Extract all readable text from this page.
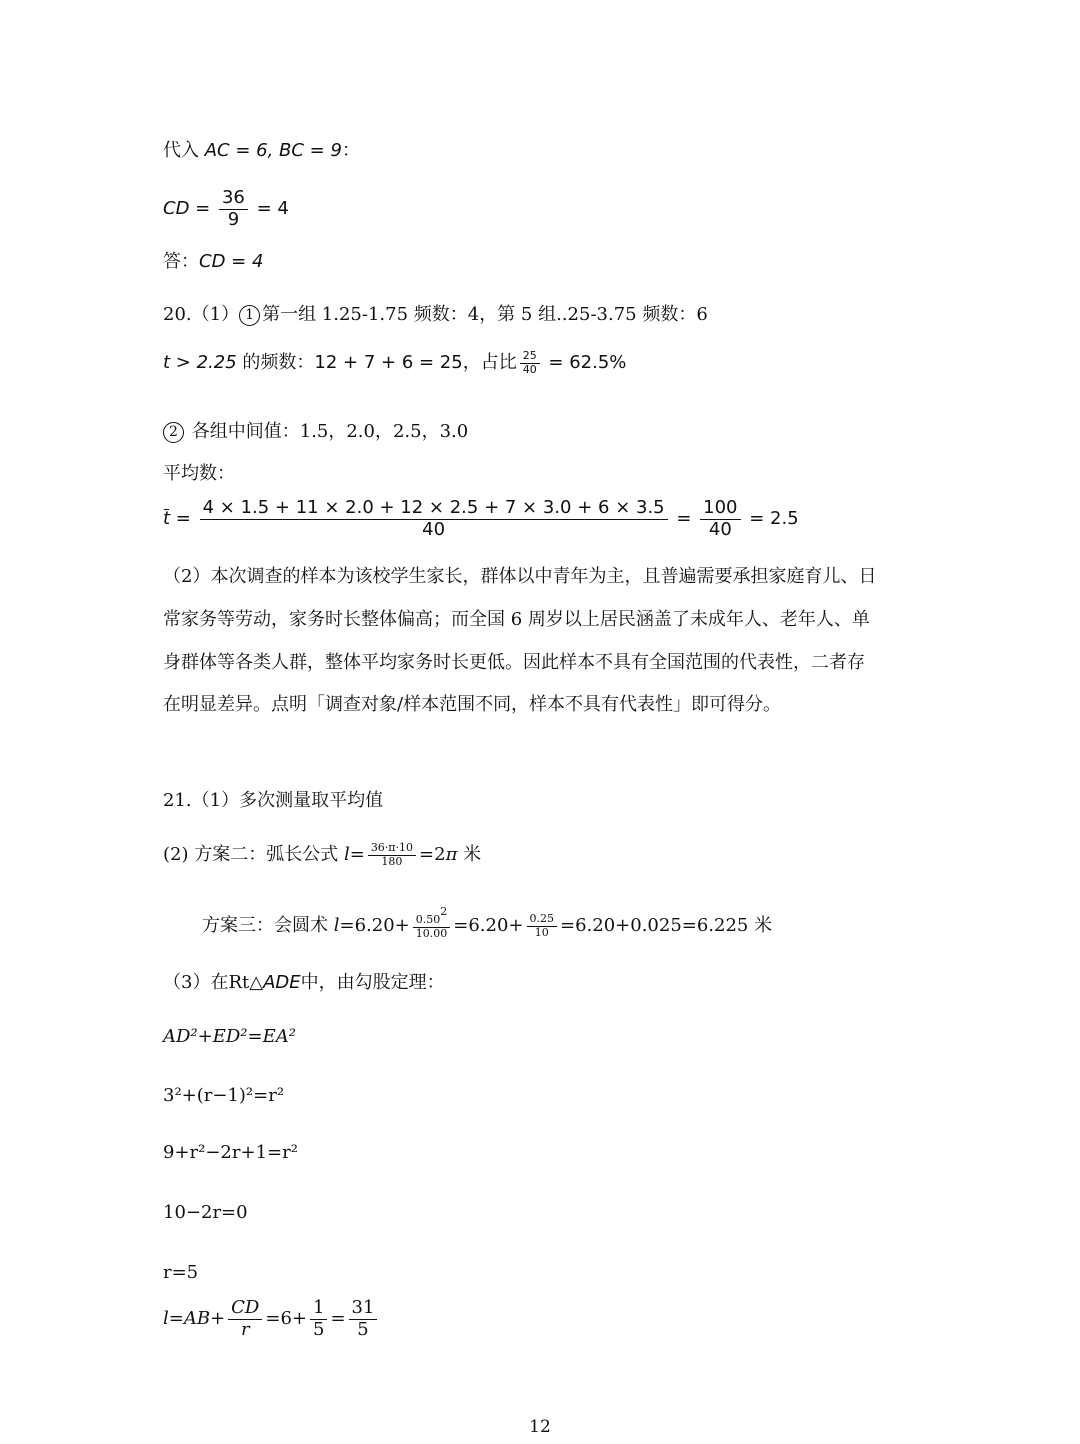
代入 AC = 6, BC = 9：
CD = $\frac{36}{9} = 4$
答：CD = 4
20.（1） 1 第一组 1.25-1.75 频数：4，第 5 组..25-3.75 频数：6
t > 2.25 的频数：12 + 7 + 6 = 25，占比 $\frac{25}{40} = 62.5\%$
2 各组中间值：1.5，2.0，2.5，3.0
平均数：
$t = \frac{4 \times 1.5 + 11 \times 2.0 + 12 \times 2.5 + 7 \times 3.0 + 6 \times 3.5}{40} = \frac{100}{40} = 2.5$
（2）本次调查的样本为该校学生家长，群体以中青年为主，且普遍需要承担家庭育儿、日
常家务等劳动，家务时长整体偏高；而全国 6 周岁以上居民涵盖了未成年人、老年人、单
身群体等各类人群，整体平均家务时长更低。因此样本不具有全国范围的代表性，二者存
在明显差异。点明「调查对象/样本范围不同，样本不具有代表性」即可得分。
21.（1）多次测量取平均值
(2) 方案二：弧长公式 $l= \frac{36\cdot\pi\cdot 10}{180} =2\pi$ 米
方案三：会圆术 $l=6.20+ \frac{0.50^2}{10.00} =6.20+ \frac{0.25}{10} =6.20+0.025=6.225$ 米
（3）在Rt△ADE中，由勾股定理：
AD²+ED²=EA²
3²+(r−1)²=r²
9+r²−2r+1=r²
10−2r=0
r=5
$l=AB+ \frac{CD}{r} =6+ \frac{1}{5} = \frac{31}{5}$
12
